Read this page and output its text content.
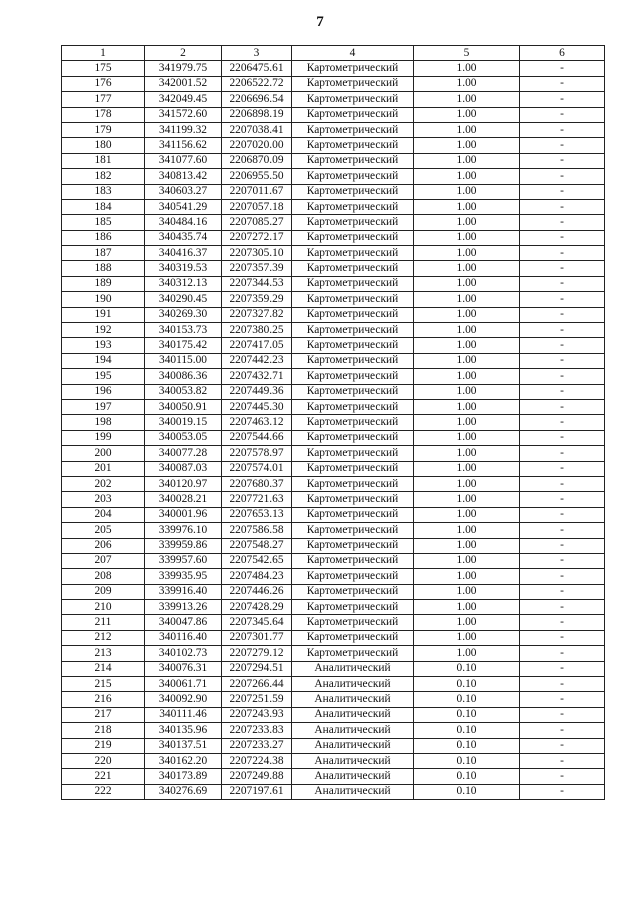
7
1	2	3	4	5	6
175	341979.75	2206475.61	Картометрический	1.00	-
176	342001.52	2206522.72	Картометрический	1.00	-
177	342049.45	2206696.54	Картометрический	1.00	-
178	341572.60	2206898.19	Картометрический	1.00	-
179	341199.32	2207038.41	Картометрический	1.00	-
180	341156.62	2207020.00	Картометрический	1.00	-
181	341077.60	2206870.09	Картометрический	1.00	-
182	340813.42	2206955.50	Картометрический	1.00	-
183	340603.27	2207011.67	Картометрический	1.00	-
184	340541.29	2207057.18	Картометрический	1.00	-
185	340484.16	2207085.27	Картометрический	1.00	-
186	340435.74	2207272.17	Картометрический	1.00	-
187	340416.37	2207305.10	Картометрический	1.00	-
188	340319.53	2207357.39	Картометрический	1.00	-
189	340312.13	2207344.53	Картометрический	1.00	-
190	340290.45	2207359.29	Картометрический	1.00	-
191	340269.30	2207327.82	Картометрический	1.00	-
192	340153.73	2207380.25	Картометрический	1.00	-
193	340175.42	2207417.05	Картометрический	1.00	-
194	340115.00	2207442.23	Картометрический	1.00	-
195	340086.36	2207432.71	Картометрический	1.00	-
196	340053.82	2207449.36	Картометрический	1.00	-
197	340050.91	2207445.30	Картометрический	1.00	-
198	340019.15	2207463.12	Картометрический	1.00	-
199	340053.05	2207544.66	Картометрический	1.00	-
200	340077.28	2207578.97	Картометрический	1.00	-
201	340087.03	2207574.01	Картометрический	1.00	-
202	340120.97	2207680.37	Картометрический	1.00	-
203	340028.21	2207721.63	Картометрический	1.00	-
204	340001.96	2207653.13	Картометрический	1.00	-
205	339976.10	2207586.58	Картометрический	1.00	-
206	339959.86	2207548.27	Картометрический	1.00	-
207	339957.60	2207542.65	Картометрический	1.00	-
208	339935.95	2207484.23	Картометрический	1.00	-
209	339916.40	2207446.26	Картометрический	1.00	-
210	339913.26	2207428.29	Картометрический	1.00	-
211	340047.86	2207345.64	Картометрический	1.00	-
212	340116.40	2207301.77	Картометрический	1.00	-
213	340102.73	2207279.12	Картометрический	1.00	-
214	340076.31	2207294.51	Аналитический	0.10	-
215	340061.71	2207266.44	Аналитический	0.10	-
216	340092.90	2207251.59	Аналитический	0.10	-
217	340111.46	2207243.93	Аналитический	0.10	-
218	340135.96	2207233.83	Аналитический	0.10	-
219	340137.51	2207233.27	Аналитический	0.10	-
220	340162.20	2207224.38	Аналитический	0.10	-
221	340173.89	2207249.88	Аналитический	0.10	-
222	340276.69	2207197.61	Аналитический	0.10	-
